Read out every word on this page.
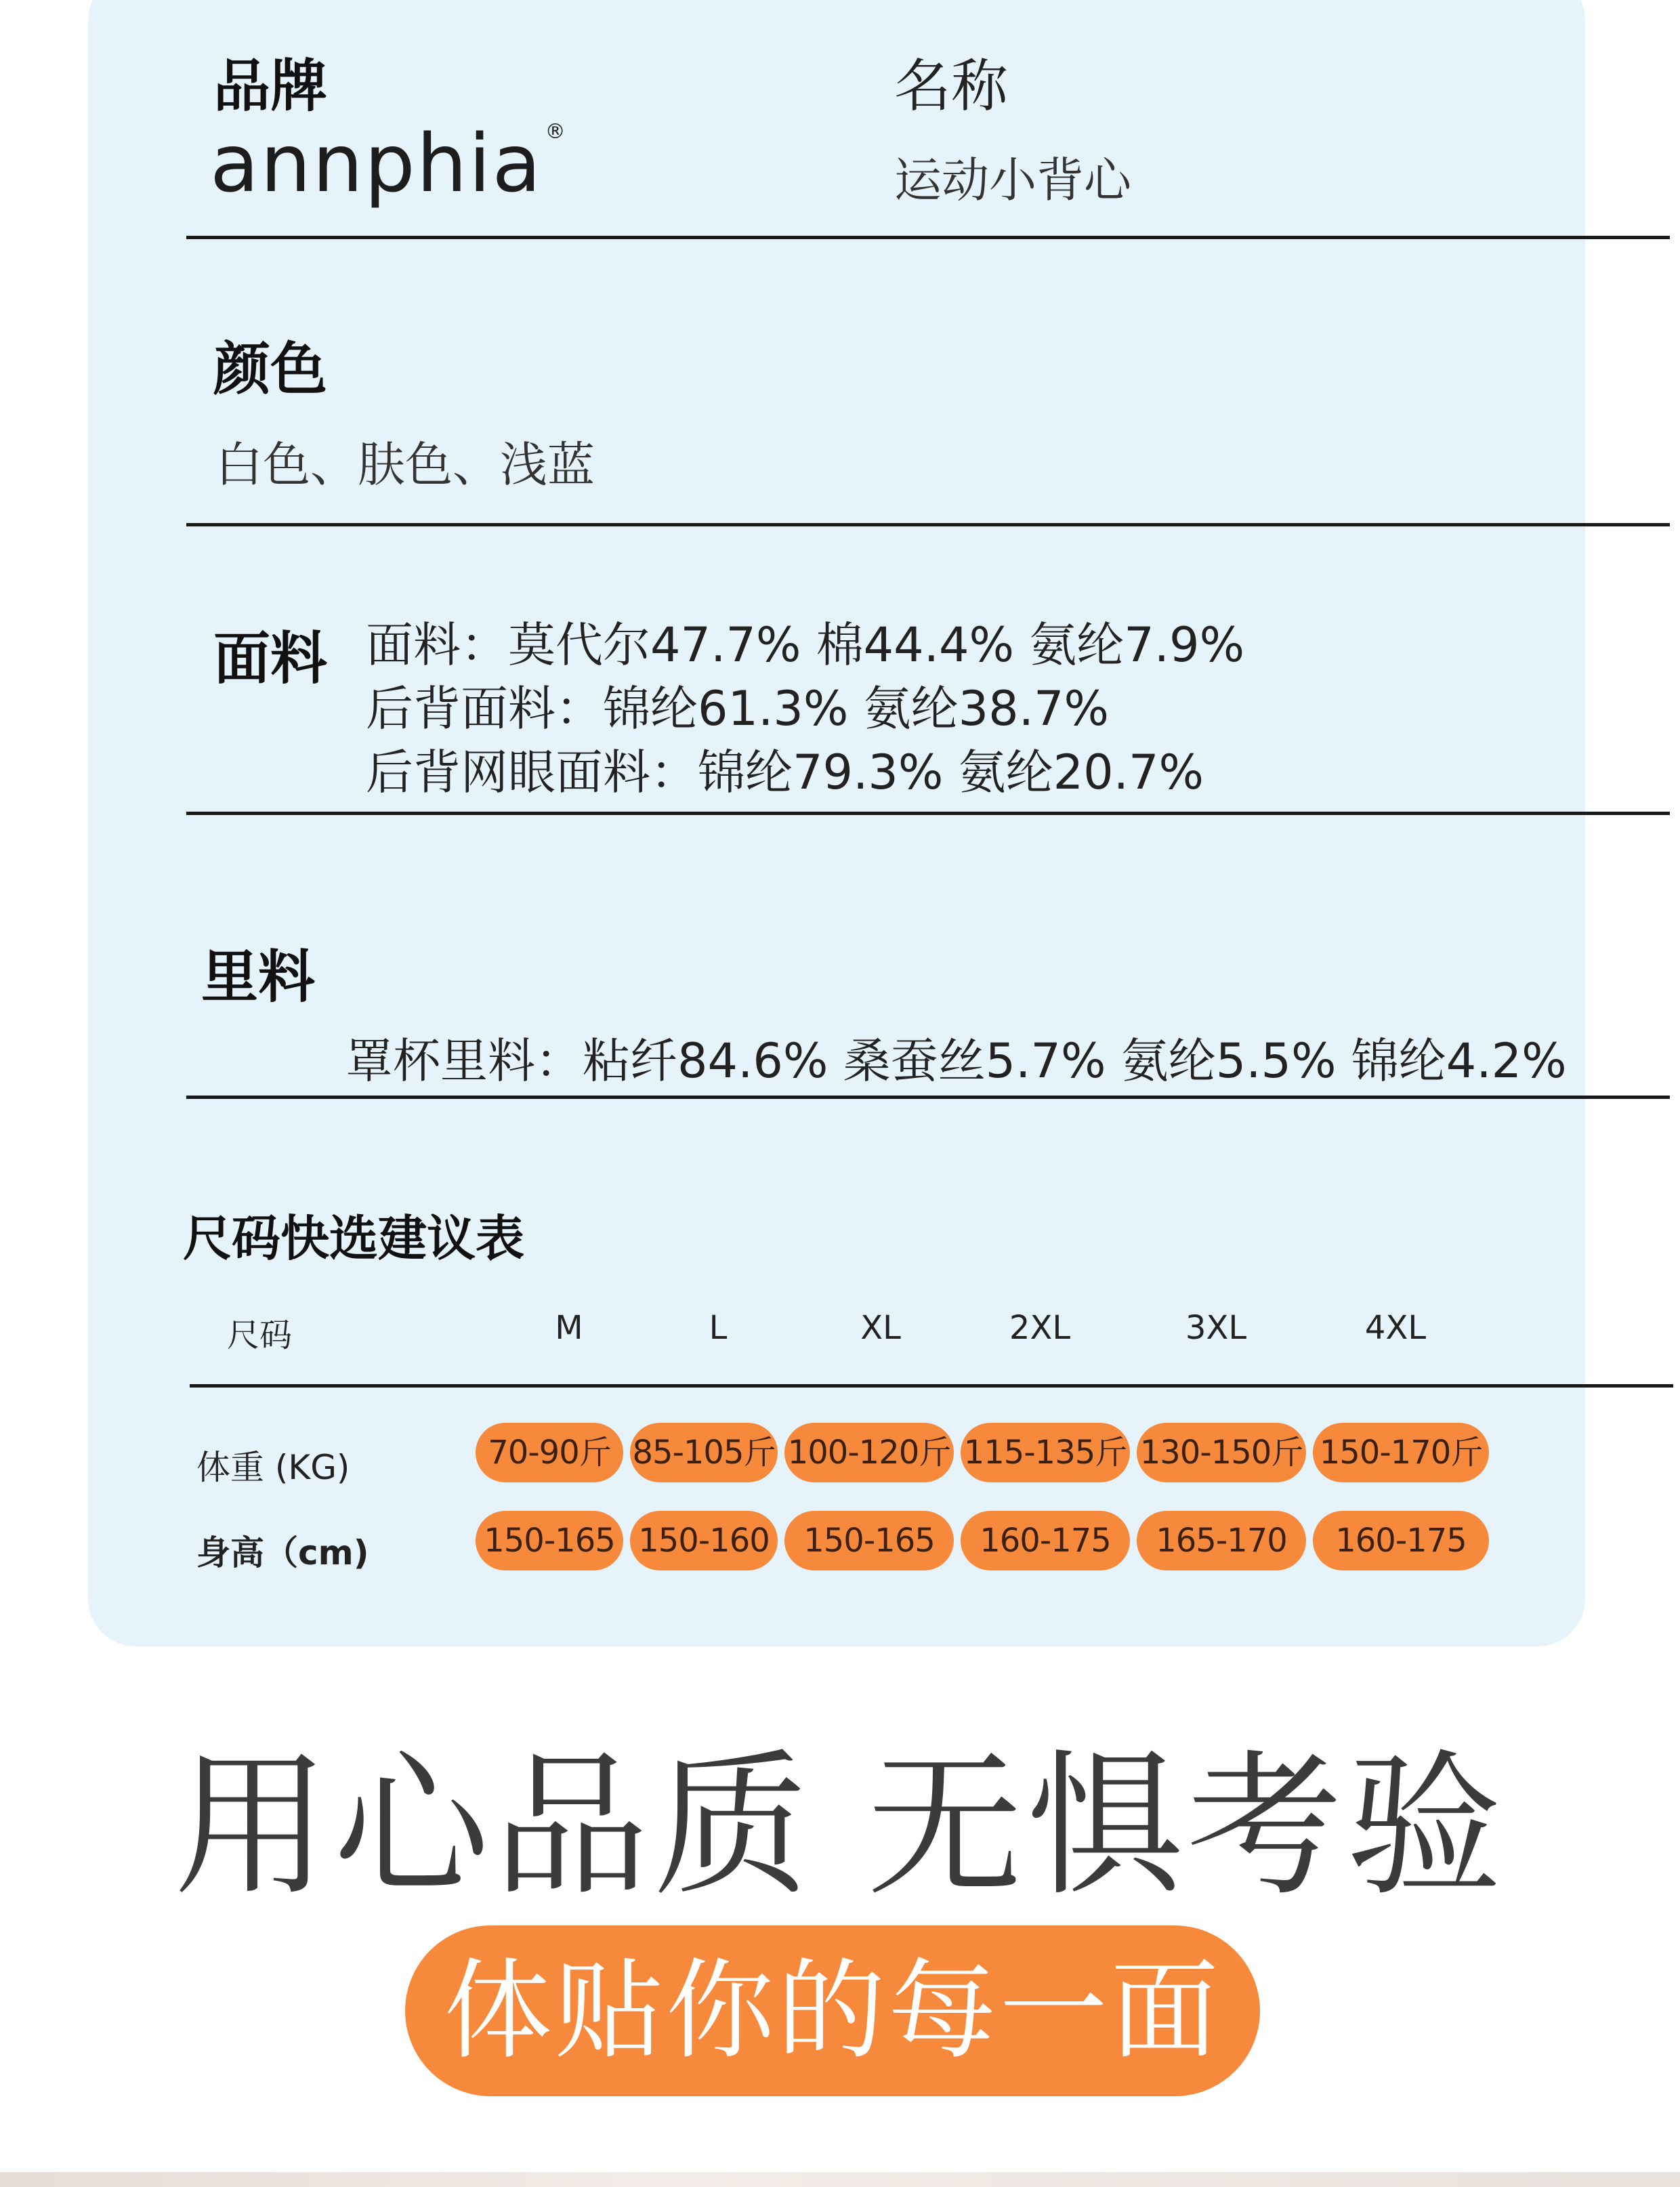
品牌
annphia ®
名称
运动小背心
颜色
白色、肤色、浅蓝
面料 面料：莫代尔47.7% 棉44.4% 氨纶7.9%
后背面料：锦纶61.3% 氨纶38.7%
后背网眼面料：锦纶79.3% 氨纶20.7%
里料
罩杯里料：粘纤84.6% 桑蚕丝5.7% 氨纶5.5% 锦纶4.2%
尺码快选建议表
尺码	M	L	XL	2XL	3XL	4XL
体重 (KG)	70-90斤 85-105斤 100-120斤 115-135斤 130-150斤 150-170斤
身高（cm)	150-165 150-160	150-165	160-175	165-170	160-175
用心品质 无惧考验
体贴你的每一面
